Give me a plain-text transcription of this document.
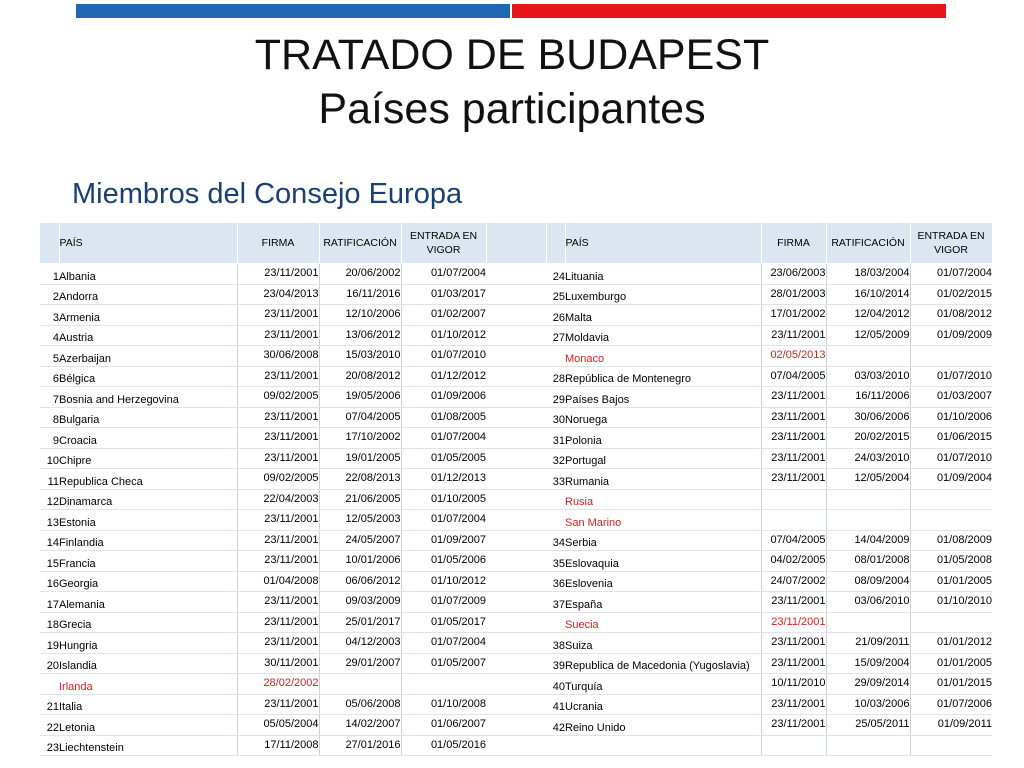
TRATADO DE BUDAPEST
Países participantes
Miembros del Consejo Europa
	PAÍS	FIRMA	RATIFICACIÓN	ENTRADA EN VIGOR			PAÍS	FIRMA	RATIFICACIÓN	ENTRADA EN VIGOR
1	Albania	23/11/2001	20/06/2002	01/07/2004		24	Lituania	23/06/2003	18/03/2004	01/07/2004
2	Andorra	23/04/2013	16/11/2016	01/03/2017		25	Luxemburgo	28/01/2003	16/10/2014	01/02/2015
3	Armenia	23/11/2001	12/10/2006	01/02/2007		26	Malta	17/01/2002	12/04/2012	01/08/2012
4	Austria	23/11/2001	13/06/2012	01/10/2012		27	Moldavia	23/11/2001	12/05/2009	01/09/2009
5	Azerbaijan	30/06/2008	15/03/2010	01/07/2010			Monaco	02/05/2013		
6	Bélgica	23/11/2001	20/08/2012	01/12/2012		28	República de Montenegro	07/04/2005	03/03/2010	01/07/2010
7	Bosnia and Herzegovina	09/02/2005	19/05/2006	01/09/2006		29	Países Bajos	23/11/2001	16/11/2006	01/03/2007
8	Bulgaria	23/11/2001	07/04/2005	01/08/2005		30	Noruega	23/11/2001	30/06/2006	01/10/2006
9	Croacia	23/11/2001	17/10/2002	01/07/2004		31	Polonia	23/11/2001	20/02/2015	01/06/2015
10	Chipre	23/11/2001	19/01/2005	01/05/2005		32	Portugal	23/11/2001	24/03/2010	01/07/2010
11	Republica Checa	09/02/2005	22/08/2013	01/12/2013		33	Rumania	23/11/2001	12/05/2004	01/09/2004
12	Dinamarca	22/04/2003	21/06/2005	01/10/2005			Rusia			
13	Estonia	23/11/2001	12/05/2003	01/07/2004			San Marino			
14	Finlandia	23/11/2001	24/05/2007	01/09/2007		34	Serbia	07/04/2005	14/04/2009	01/08/2009
15	Francia	23/11/2001	10/01/2006	01/05/2006		35	Eslovaquia	04/02/2005	08/01/2008	01/05/2008
16	Georgia	01/04/2008	06/06/2012	01/10/2012		36	Eslovenia	24/07/2002	08/09/2004	01/01/2005
17	Alemania	23/11/2001	09/03/2009	01/07/2009		37	España	23/11/2001	03/06/2010	01/10/2010
18	Grecia	23/11/2001	25/01/2017	01/05/2017			Suecia	23/11/2001		
19	Hungria	23/11/2001	04/12/2003	01/07/2004		38	Suiza	23/11/2001	21/09/2011	01/01/2012
20	Islandia	30/11/2001	29/01/2007	01/05/2007		39	Republica de Macedonia (Yugoslavia)	23/11/2001	15/09/2004	01/01/2005
	Irlanda	28/02/2002				40	Turquía	10/11/2010	29/09/2014	01/01/2015
21	Italia	23/11/2001	05/06/2008	01/10/2008		41	Ucrania	23/11/2001	10/03/2006	01/07/2006
22	Letonia	05/05/2004	14/02/2007	01/06/2007		42	Reino Unido	23/11/2001	25/05/2011	01/09/2011
23	Liechtenstein	17/11/2008	27/01/2016	01/05/2016						
